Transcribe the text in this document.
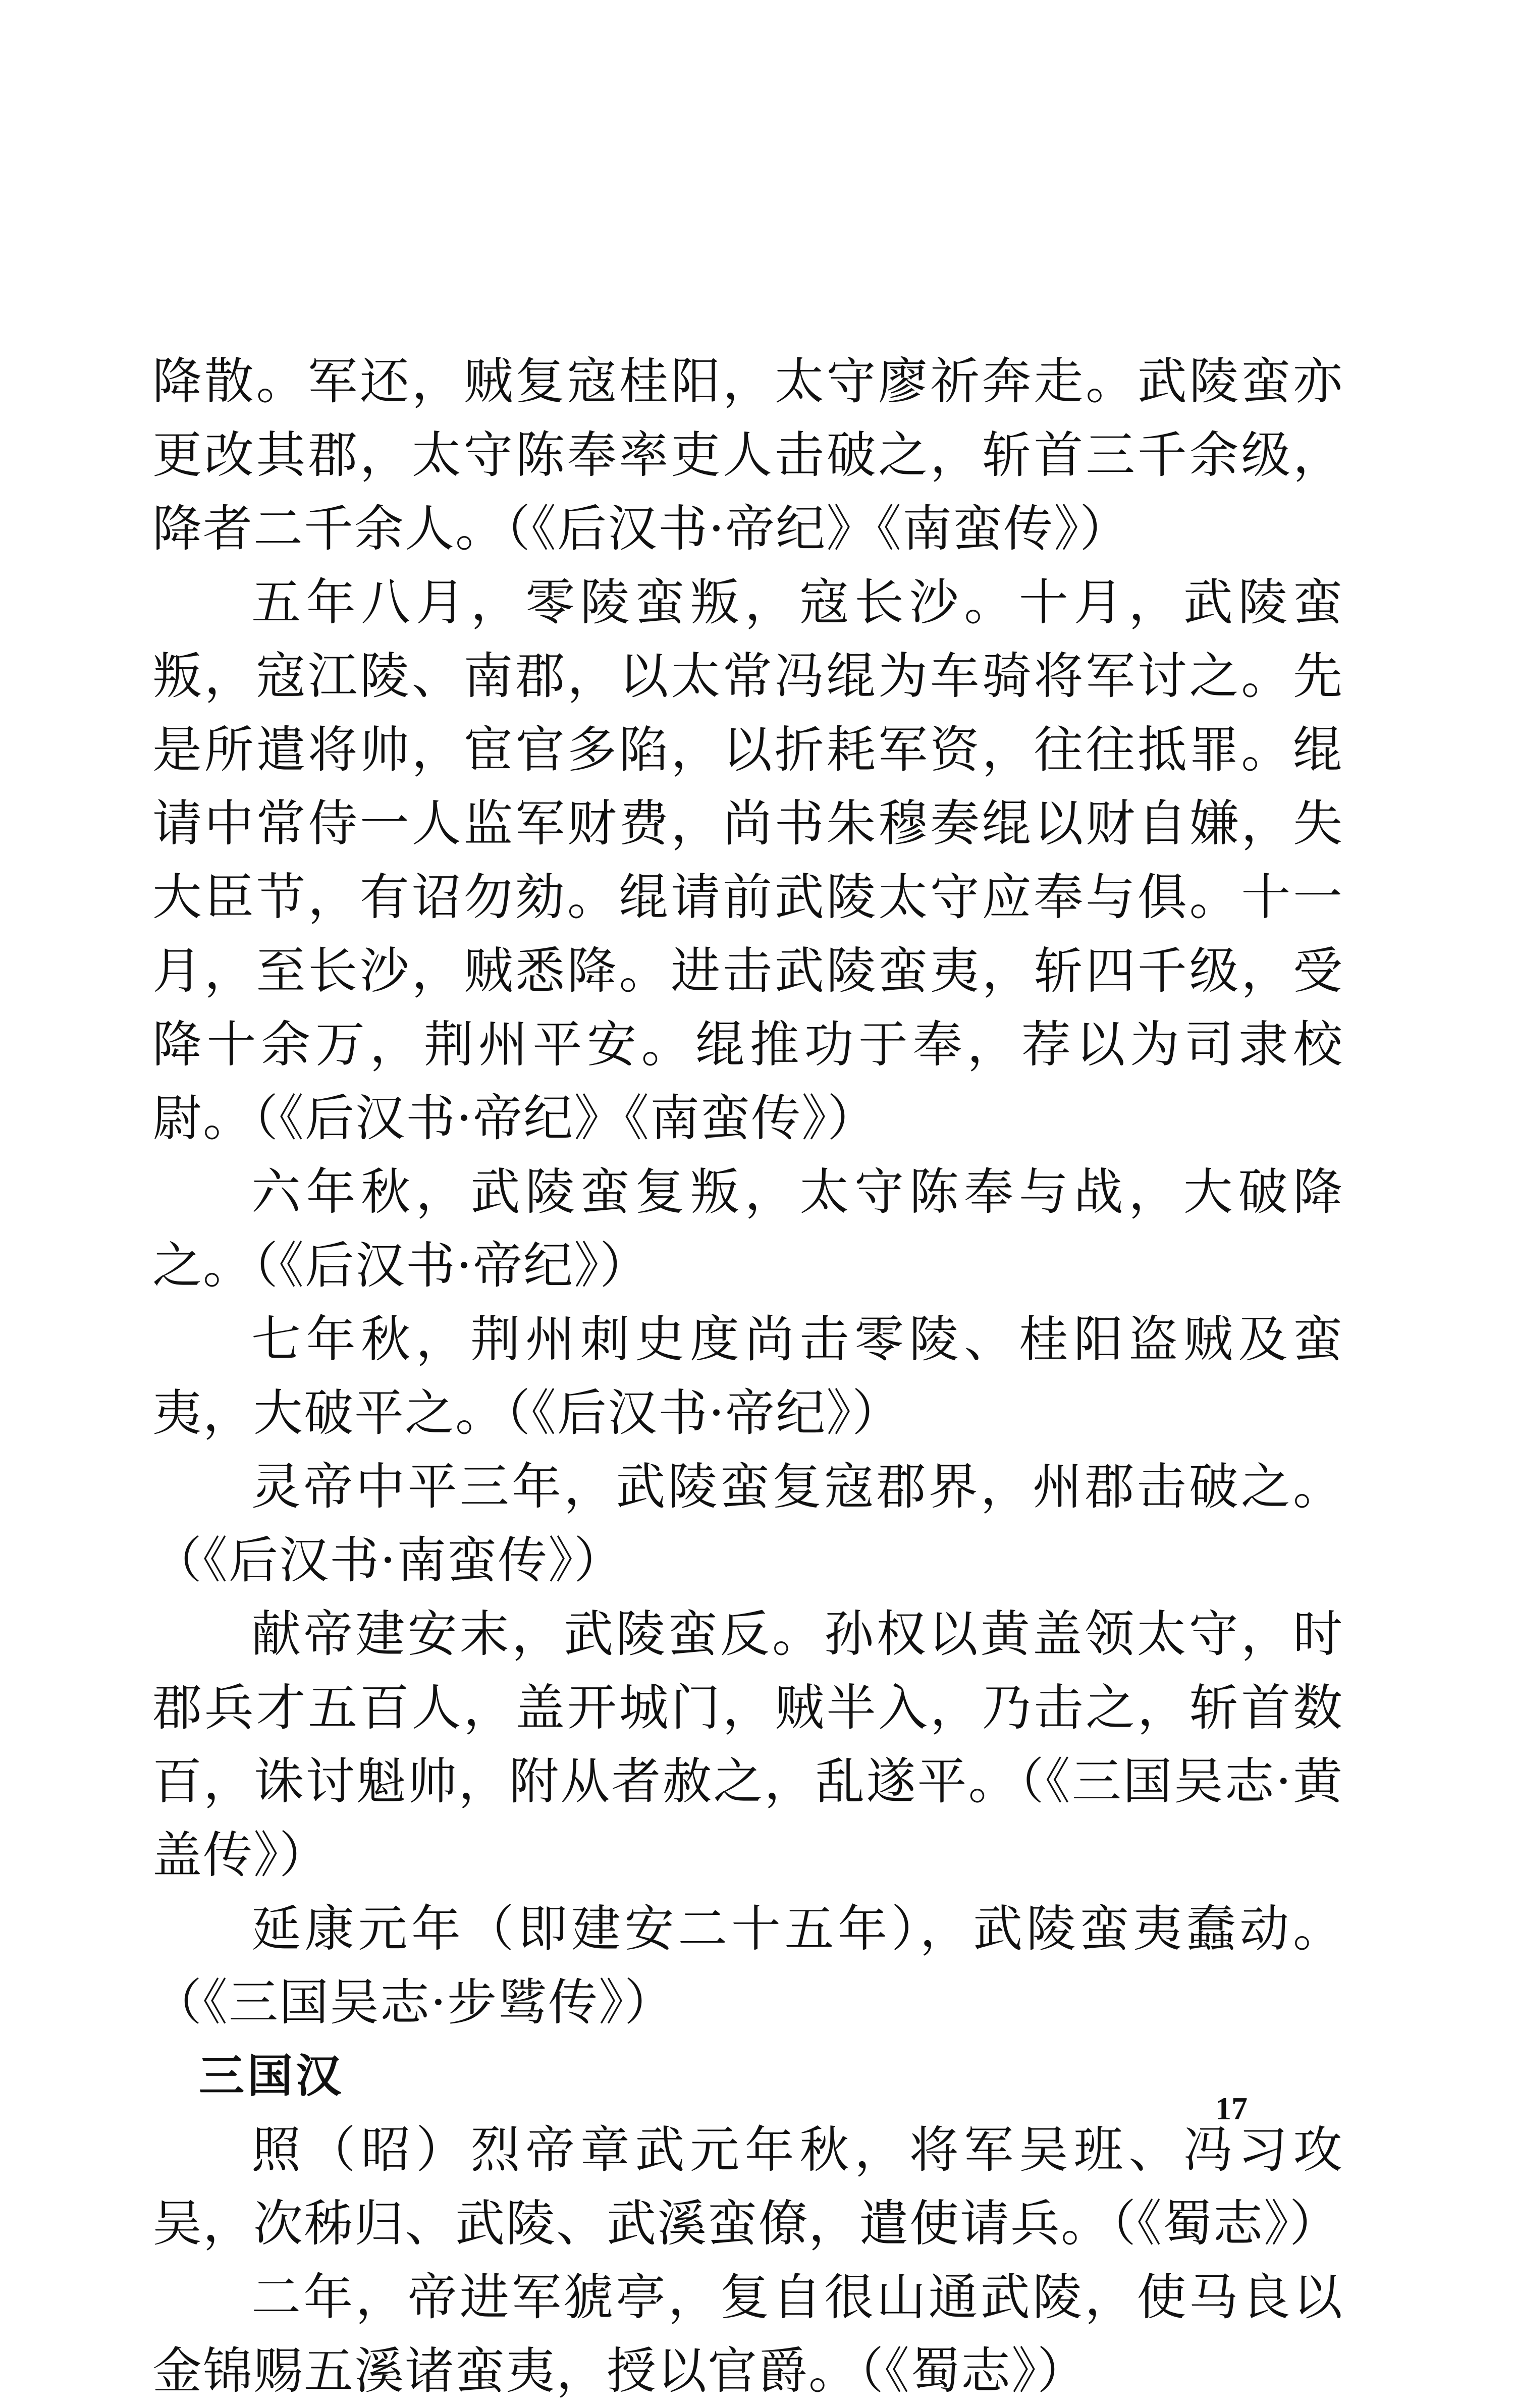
降散。军还，贼复寇桂阳，太守廖祈奔走。武陵蛮亦更改其郡，太守陈奉率吏人击破之，斩首三千余级，降者二千余人。（《后汉书·帝纪》《南蛮传》）

五年八月，零陵蛮叛，寇长沙。十月，武陵蛮叛，寇江陵、南郡，以太常冯绲为车骑将军讨之。先是所遣将帅，宦官多陷，以折耗军资，往往抵罪。绲请中常侍一人监军财费，尚书朱穆奏绲以财自嫌，失大臣节，有诏勿劾。绲请前武陵太守应奉与俱。十一月，至长沙，贼悉降。进击武陵蛮夷，斩四千级，受降十余万，荆州平安。绲推功于奉，荐以为司隶校尉。（《后汉书·帝纪》《南蛮传》）

六年秋，武陵蛮复叛，太守陈奉与战，大破降之。（《后汉书·帝纪》）

七年秋，荆州刺史度尚击零陵、桂阳盗贼及蛮夷，大破平之。（《后汉书·帝纪》）

灵帝中平三年，武陵蛮复寇郡界，州郡击破之。（《后汉书·南蛮传》）

献帝建安末，武陵蛮反。孙权以黄盖领太守，时郡兵才五百人，盖开城门，贼半入，乃击之，斩首数百，诛讨魁帅，附从者赦之，乱遂平。（《三国吴志·黄盖传》）

延康元年（即建安二十五年），武陵蛮夷蠢动。（《三国吴志·步骘传》）

三国汉

照（昭）烈帝章武元年秋，将军吴班、冯习攻吴，次秭归、武陵、武溪蛮僚，遣使请兵。（《蜀志》）

二年，帝进军猇亭，复自很山通武陵，使马良以金锦赐五溪诸蛮夷，授以官爵。（《蜀志》）

17
